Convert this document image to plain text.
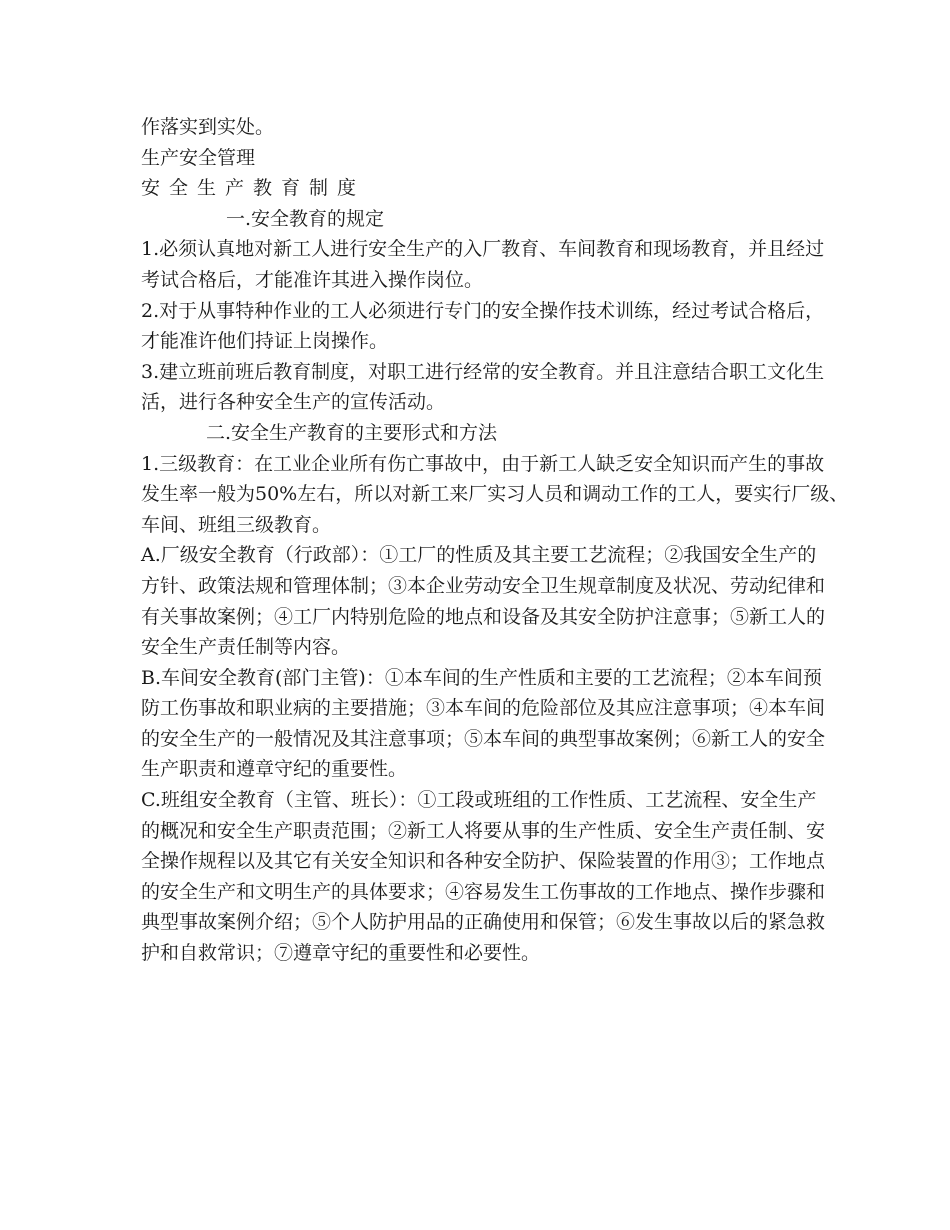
作落实到实处。

生产安全管理

安全生产教育制度

一.安全教育的规定

1.必须认真地对新工人进行安全生产的入厂教育、车间教育和现场教育，并且经过

考试合格后，才能准许其进入操作岗位。

2.对于从事特种作业的工人必须进行专门的安全操作技术训练，经过考试合格后，

才能准许他们持证上岗操作。

3.建立班前班后教育制度，对职工进行经常的安全教育。并且注意结合职工文化生

活，进行各种安全生产的宣传活动。

二.安全生产教育的主要形式和方法

1.三级教育：在工业企业所有伤亡事故中，由于新工人缺乏安全知识而产生的事故

发生率一般为50%左右，所以对新工来厂实习人员和调动工作的工人，要实行厂级、

车间、班组三级教育。

A.厂级安全教育（行政部）：①工厂的性质及其主要工艺流程；②我国安全生产的

方针、政策法规和管理体制；③本企业劳动安全卫生规章制度及状况、劳动纪律和

有关事故案例；④工厂内特别危险的地点和设备及其安全防护注意事；⑤新工人的

安全生产责任制等内容。

B.车间安全教育(部门主管)：①本车间的生产性质和主要的工艺流程；②本车间预

防工伤事故和职业病的主要措施；③本车间的危险部位及其应注意事项；④本车间

的安全生产的一般情况及其注意事项；⑤本车间的典型事故案例；⑥新工人的安全

生产职责和遵章守纪的重要性。

C.班组安全教育（主管、班长）：①工段或班组的工作性质、工艺流程、安全生产

的概况和安全生产职责范围；②新工人将要从事的生产性质、安全生产责任制、安

全操作规程以及其它有关安全知识和各种安全防护、保险装置的作用③；工作地点

的安全生产和文明生产的具体要求；④容易发生工伤事故的工作地点、操作步骤和

典型事故案例介绍；⑤个人防护用品的正确使用和保管；⑥发生事故以后的紧急救

护和自救常识；⑦遵章守纪的重要性和必要性。
